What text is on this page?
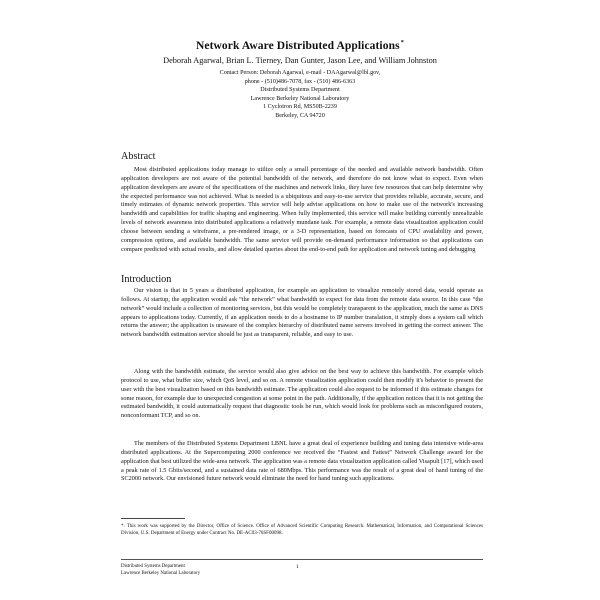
Network Aware Distributed Applications*
Deborah Agarwal, Brian L. Tierney, Dan Gunter, Jason Lee, and William Johnston
Contact Person: Deborah Agarwal, e-mail - DAAgarwal@lbl.gov,
phone - (510)486-7078, fax - (510) 486-6363
Distributed Systems Department
Lawrence Berkeley National Laboratory
1 Cyclotron Rd, MS50B-2239
Berkeley, CA 94720
Abstract

Most distributed applications today manage to utilize only a small percentage of the needed and available network bandwidth. Often application developers are not aware of the potential bandwidth of the network, and therefore do not know what to expect. Even when application developers are aware of the specifications of the machines and network links, they have few resources that can help determine why the expected performance was not achieved. What is needed is a ubiquitous and easy-to-use service that provides reliable, accurate, secure, and timely estimates of dynamic network properties. This service will help advise applications on how to make use of the network's increasing bandwidth and capabilities for traffic shaping and engineering. When fully implemented, this service will make building currently unrealizable levels of network awareness into distributed applications a relatively mundane task. For example, a remote data visualization application could choose between sending a wireframe, a pre-rendered image, or a 3-D representation, based on forecasts of CPU availability and power, compression options, and available bandwidth. The same service will provide on-demand performance information so that applications can compare predicted with actual results, and allow detailed queries about the end-to-end path for application and network tuning and debugging

Introduction

Our vision is that in 5 years a distributed application, for example an application to visualize remotely stored data, would operate as follows. At startup, the application would ask “the network” what bandwidth to expect for data from the remote data source. In this case “the network” would include a collection of monitoring services, but this would be completely transparent to the application, much the same as DNS appears to applications today. Currently, if an application needs to do a hostname to IP number translation, it simply does a system call which returns the answer; the application is unaware of the complex hierarchy of distributed name servers involved in getting the correct answer. The network bandwidth estimation service should be just as transparent, reliable, and easy to use.

Along with the bandwidth estimate, the service would also give advice on the best way to achieve this bandwidth. For example which protocol to use, what buffer size, which QoS level, and so on. A remote visualization application could then modify it's behavior to present the user with the best visualization based on this bandwidth estimate. The application could also request to be informed if this estimate changes for some reason, for example due to unexpected congestion at some point in the path. Additionally, if the application notices that it is not getting the estimated bandwidth, it could automatically request that diagnostic tools be run, which would look for problems such as misconfigured routers, nonconformant TCP, and so on.

The members of the Distributed Systems Department LBNL have a great deal of experience building and tuning data intensive wide-area distributed applications. At the Supercomputing 2000 conference we received the “Fastest and Fattest” Network Challenge award for the application that best utilized the wide-area network. The application was a remote data visualization application called Visapult [17], which used a peak rate of 1.5 Gbits/second, and a sustained data rate of 680Mbps. This performance was the result of a great deal of hand tuning of the SC2000 network. Our envisioned future network would eliminate the need for hand tuning such applications.

*. This work was supported by the Director, Office of Science. Office of Advanced Scientific Computing Research. Mathematical, Information, and Computational Sciences Division, U.S. Department of Energy under Contract No. DE-AC03-76SF00098.
Distributed Systems Department
Lawrence Berkeley National Laboratory
1
